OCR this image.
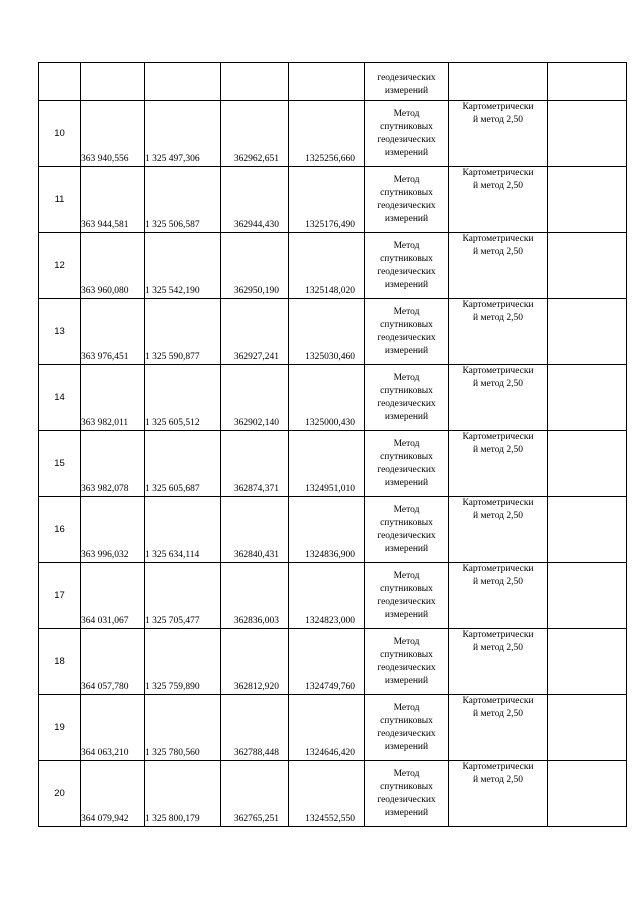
					геодезических
измерений		

10	363 940,556	1 325 497,306	362962,651	1325256,660	Метод
спутниковых
геодезических
измерений	Картометрически
й метод 2,50	

11	363 944,581	1 325 506,587	362944,430	1325176,490	Метод
спутниковых
геодезических
измерений	Картометрически
й метод 2,50	

12	363 960,080	1 325 542,190	362950,190	1325148,020	Метод
спутниковых
геодезических
измерений	Картометрически
й метод 2,50	

13	363 976,451	1 325 590,877	362927,241	1325030,460	Метод
спутниковых
геодезических
измерений	Картометрически
й метод 2,50	

14	363 982,011	1 325 605,512	362902,140	1325000,430	Метод
спутниковых
геодезических
измерений	Картометрически
й метод 2,50	

15	363 982,078	1 325 605,687	362874,371	1324951,010	Метод
спутниковых
геодезических
измерений	Картометрически
й метод 2,50	

16	363 996,032	1 325 634,114	362840,431	1324836,900	Метод
спутниковых
геодезических
измерений	Картометрически
й метод 2,50	

17	364 031,067	1 325 705,477	362836,003	1324823,000	Метод
спутниковых
геодезических
измерений	Картометрически
й метод 2,50	

18	364 057,780	1 325 759,890	362812,920	1324749,760	Метод
спутниковых
геодезических
измерений	Картометрически
й метод 2,50	

19	364 063,210	1 325 780,560	362788,448	1324646,420	Метод
спутниковых
геодезических
измерений	Картометрически
й метод 2,50	

20	364 079,942	1 325 800,179	362765,251	1324552,550	Метод
спутниковых
геодезических
измерений	Картометрически
й метод 2,50	
